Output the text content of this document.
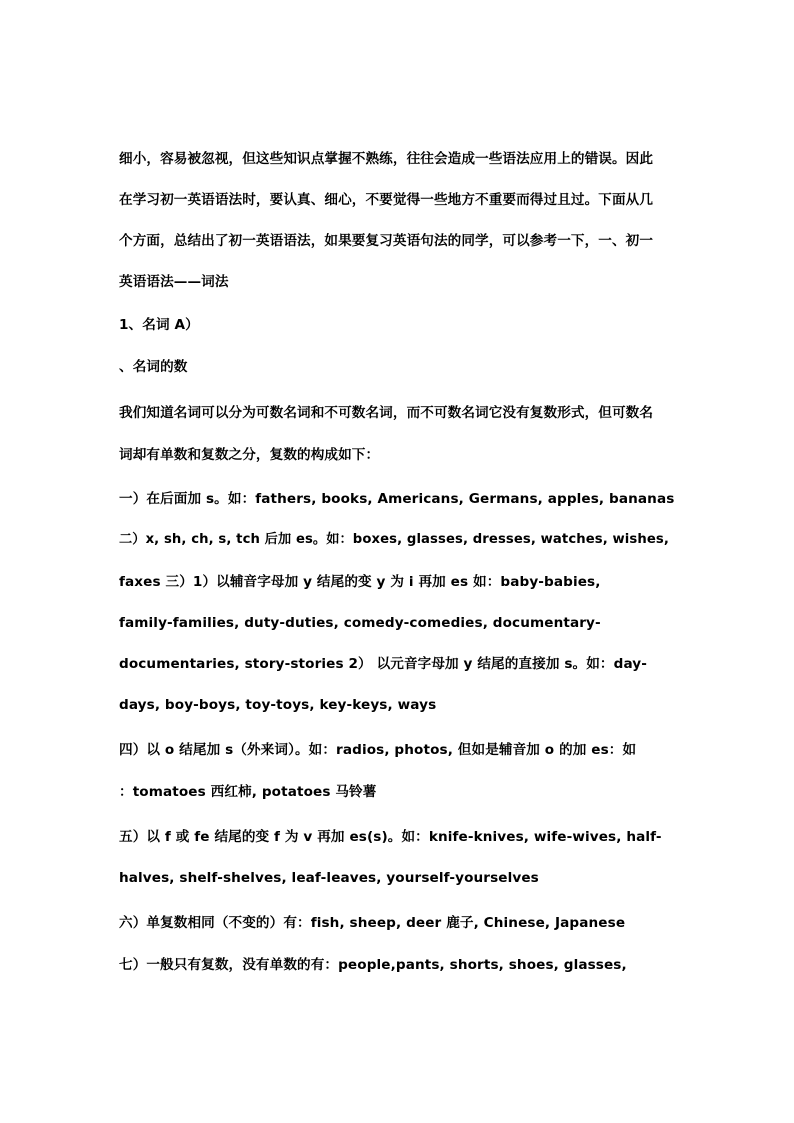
细小，容易被忽视，但这些知识点掌握不熟练，往往会造成一些语法应用上的错误。因此

在学习初一英语语法时，要认真、细心，不要觉得一些地方不重要而得过且过。下面从几

个方面，总结出了初一英语语法，如果要复习英语句法的同学，可以参考一下，一、初一

英语语法——词法

1、名词 A）

、名词的数

我们知道名词可以分为可数名词和不可数名词，而不可数名词它没有复数形式，但可数名

词却有单数和复数之分，复数的构成如下：

一）在后面加 s。如：fathers, books, Americans, Germans, apples, bananas

二）x, sh, ch, s, tch 后加 es。如：boxes, glasses, dresses, watches, wishes,

faxes 三）1）以辅音字母加 y 结尾的变 y 为 i 再加 es 如：baby-babies,

family-families, duty-duties, comedy-comedies, documentary-

documentaries, story-stories 2） 以元音字母加 y 结尾的直接加 s。如：day-

days, boy-boys, toy-toys, key-keys, ways

四）以 o 结尾加 s（外来词）。如：radios, photos, 但如是辅音加 o 的加 es：如

：tomatoes 西红柿, potatoes 马铃薯

五）以 f 或 fe 结尾的变 f 为 v 再加 es(s)。如：knife-knives, wife-wives, half-

halves, shelf-shelves, leaf-leaves, yourself-yourselves

六）单复数相同（不变的）有：fish, sheep, deer 鹿子, Chinese, Japanese

七）一般只有复数，没有单数的有：people,pants, shorts, shoes, glasses,
